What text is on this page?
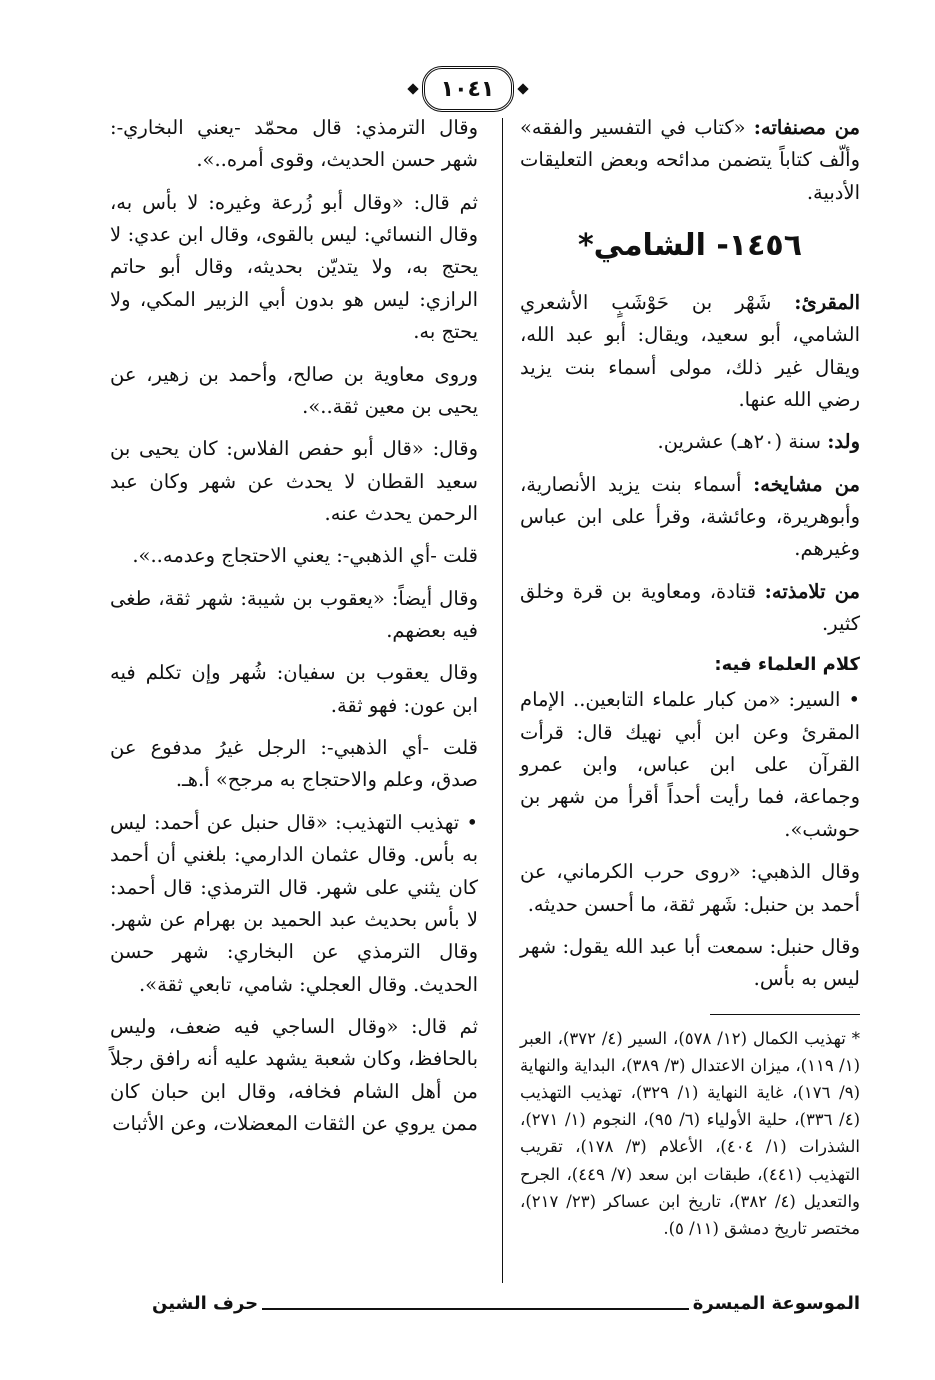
١٠٤١

من مصنفاته: «كتاب في التفسير والفقه» وألّف كتاباً يتضمن مدائحه وبعض التعليقات الأدبية.

١٤٥٦- الشامي*

المقرئ: شَهْر بن حَوْشَبٍ الأشعري الشامي، أبو سعيد، ويقال: أبو عبد الله، ويقال غير ذلك، مولى أسماء بنت يزيد رضي الله عنها.

ولد: سنة (٢٠هـ) عشرين.

من مشايخه: أسماء بنت يزيد الأنصارية، وأبوهريرة، وعائشة، وقرأ على ابن عباس وغيرهم.

من تلامذته: قتادة، ومعاوية بن قرة وخلق كثير.

كلام العلماء فيه:

• السير: «من كبار علماء التابعين.. الإمام المقرئ وعن ابن أبي نهيك قال: قرأت القرآن على ابن عباس، وابن عمرو وجماعة، فما رأيت أحداً أقرأ من شهر بن حوشب».

وقال الذهبي: «روى حرب الكرماني، عن أحمد بن حنبل: شَهر ثقة، ما أحسن حديثه.

وقال حنبل: سمعت أبا عبد الله يقول: شهر ليس به بأس.

* تهذيب الكمال (١٢/ ٥٧٨)، السير (٤/ ٣٧٢)، العبر (١/ ١١٩)، ميزان الاعتدال (٣/ ٣٨٩)، البداية والنهاية (٩/ ١٧٦)، غاية النهاية (١/ ٣٢٩)، تهذيب التهذيب (٤/ ٣٣٦)، حلية الأولياء (٦/ ٩٥)، النجوم (١/ ٢٧١)، الشذرات (١/ ٤٠٤)، الأعلام (٣/ ١٧٨)، تقريب التهذيب (٤٤١)، طبقات ابن سعد (٧/ ٤٤٩)، الجرح والتعديل (٤/ ٣٨٢)، تاريخ ابن عساكر (٢٣/ ٢١٧)، مختصر تاريخ دمشق (١١/ ٥).

وقال الترمذي: قال محمّد -يعني البخاري-: شهر حسن الحديث، وقوى أمره..».

ثم قال: «وقال أبو زُرعة وغيره: لا بأس به، وقال النسائي: ليس بالقوى، وقال ابن عدي: لا يحتج به، ولا يتديّن بحديثه، وقال أبو حاتم الرازي: ليس هو بدون أبي الزبير المكي، ولا يحتج به.

وروى معاوية بن صالح، وأحمد بن زهير، عن يحيى بن معين ثقة..».

وقال: «قال أبو حفص الفلاس: كان يحيى بن سعيد القطان لا يحدث عن شهر وكان عبد الرحمن يحدث عنه.

قلت -أي الذهبي-: يعني الاحتجاج وعدمه..».

وقال أيضاً: «يعقوب بن شيبة: شهر ثقة، طغى فيه بعضهم.

وقال يعقوب بن سفيان: شُهر وإن تكلم فيه ابن عون: فهو ثقة.

قلت -أي الذهبي-: الرجل غيرُ مدفوع عن صدق، وعلم والاحتجاج به مرجح» أ.هـ.

• تهذيب التهذيب: «قال حنبل عن أحمد: ليس به بأس. وقال عثمان الدارمي: بلغني أن أحمد كان يثني على شهر. قال الترمذي: قال أحمد: لا بأس بحديث عبد الحميد بن بهرام عن شهر. وقال الترمذي عن البخاري: شهر حسن الحديث. وقال العجلي: شامي، تابعي ثقة».

ثم قال: «وقال الساجي فيه ضعف، وليس بالحافظ، وكان شعبة يشهد عليه أنه رافق رجلاً من أهل الشام فخافه، وقال ابن حبان كان ممن يروي عن الثقات المعضلات، وعن الأثبات

الموسوعة الميسرة
حرف الشين
